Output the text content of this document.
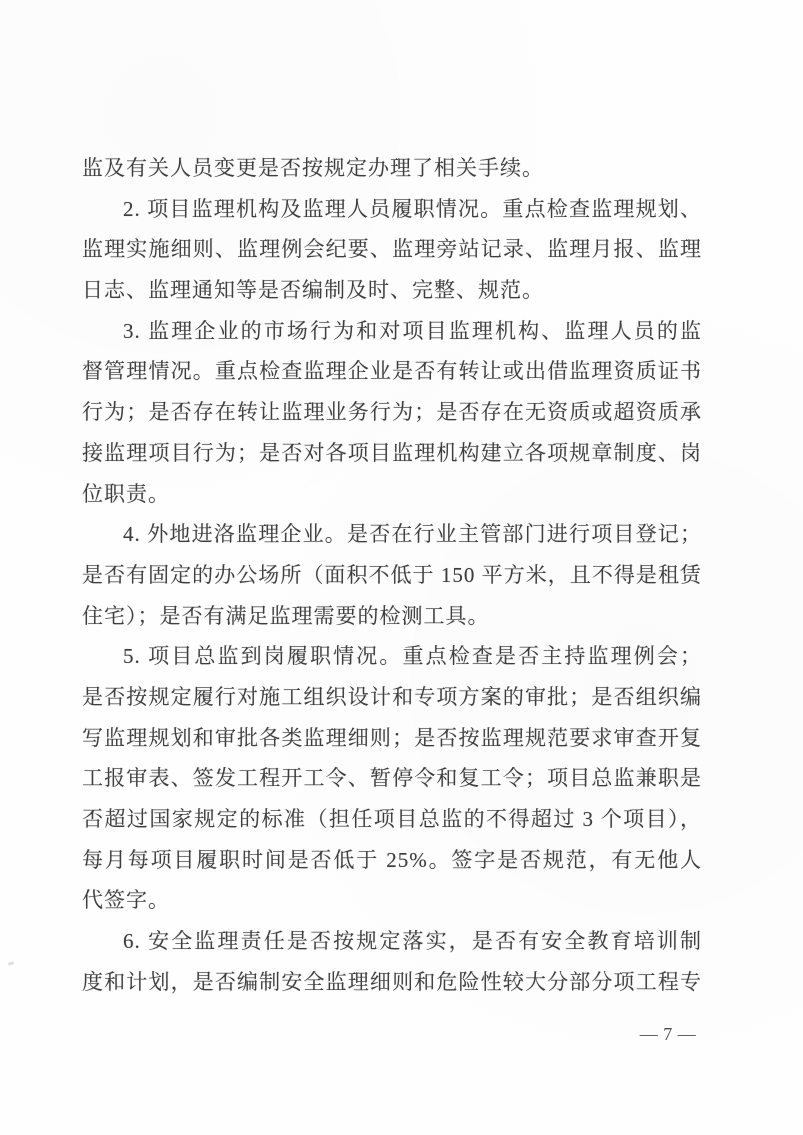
监及有关人员变更是否按规定办理了相关手续。
2. 项目监理机构及监理人员履职情况。重点检查监理规划、
监理实施细则、监理例会纪要、监理旁站记录、监理月报、监理
日志、监理通知等是否编制及时、完整、规范。
3. 监理企业的市场行为和对项目监理机构、监理人员的监
督管理情况。重点检查监理企业是否有转让或出借监理资质证书
行为；是否存在转让监理业务行为；是否存在无资质或超资质承
接监理项目行为；是否对各项目监理机构建立各项规章制度、岗
位职责。
4. 外地进洛监理企业。是否在行业主管部门进行项目登记；
是否有固定的办公场所（面积不低于 150 平方米，且不得是租赁
住宅）；是否有满足监理需要的检测工具。
5. 项目总监到岗履职情况。重点检查是否主持监理例会；
是否按规定履行对施工组织设计和专项方案的审批；是否组织编
写监理规划和审批各类监理细则；是否按监理规范要求审查开复
工报审表、签发工程开工令、暂停令和复工令；项目总监兼职是
否超过国家规定的标准（担任项目总监的不得超过 3 个项目），
每月每项目履职时间是否低于 25%。签字是否规范，有无他人
代签字。
6. 安全监理责任是否按规定落实，是否有安全教育培训制
度和计划，是否编制安全监理细则和危险性较大分部分项工程专
— 7 —
